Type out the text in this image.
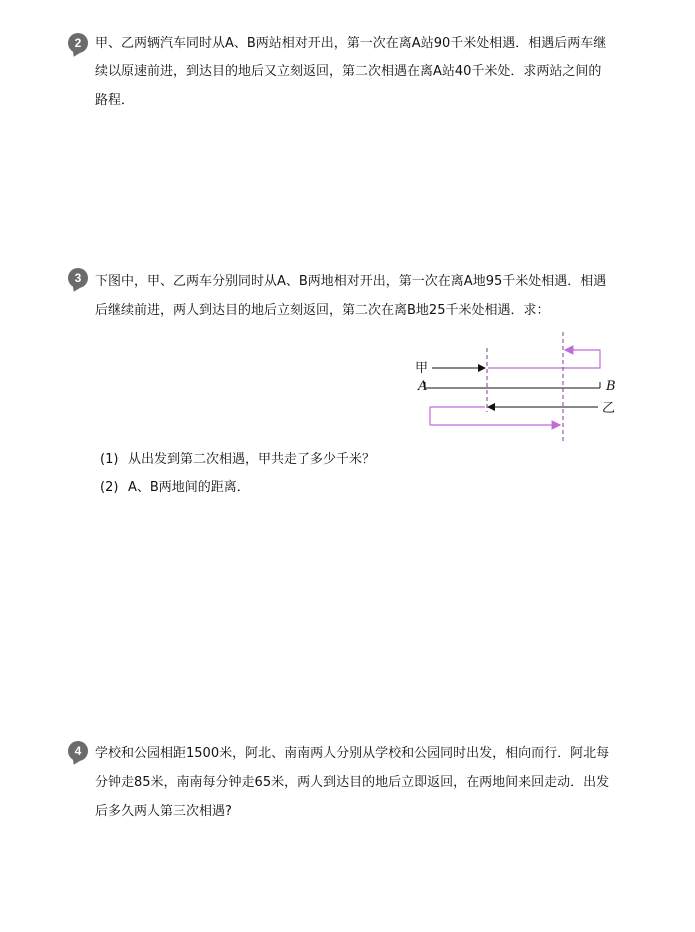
2	甲、乙两辆汽车同时从A、B两站相对开出，第一次在离A站90千米处相遇．相遇后两车继
续以原速前进，到达目的地后又立刻返回，第二次相遇在离A站40千米处．求两站之间的
路程．
3	下图中，甲、乙两车分别同时从A、B两地相对开出，第一次在离A地95千米处相遇．相遇
后继续前进，两人到达目的地后立刻返回，第二次在离B地25千米处相遇．求：
甲
A	B
乙
(1) 从出发到第二次相遇，甲共走了多少千米？
(2) A、B两地间的距离．
4	学校和公园相距1500米，阿北、南南两人分别从学校和公园同时出发，相向而行．阿北每
分钟走85米，南南每分钟走65米，两人到达目的地后立即返回，在两地间来回走动．出发
后多久两人第三次相遇?
